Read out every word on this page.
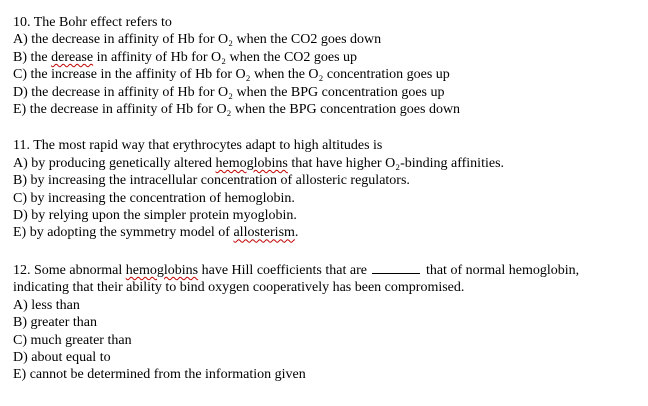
10. The Bohr effect refers to
A) the decrease in affinity of Hb for O₂ when the CO2 goes down
B) the derease in affinity of Hb for O₂ when the CO2 goes up
C) the increase in the affinity of Hb for O₂ when the O₂ concentration goes up
D) the decrease in affinity of Hb for O₂ when the BPG concentration goes up
E) the decrease in affinity of Hb for O₂ when the BPG concentration goes down
11. The most rapid way that erythrocytes adapt to high altitudes is
A) by producing genetically altered hemoglobins that have higher O₂-binding affinities.
B) by increasing the intracellular concentration of allosteric regulators.
C) by increasing the concentration of hemoglobin.
D) by relying upon the simpler protein myoglobin.
E) by adopting the symmetry model of allosterism.
12. Some abnormal hemoglobins have Hill coefficients that are	that of normal hemoglobin,
indicating that their ability to bind oxygen cooperatively has been compromised.
A) less than
B) greater than
C) much greater than
D) about equal to
E) cannot be determined from the information given
